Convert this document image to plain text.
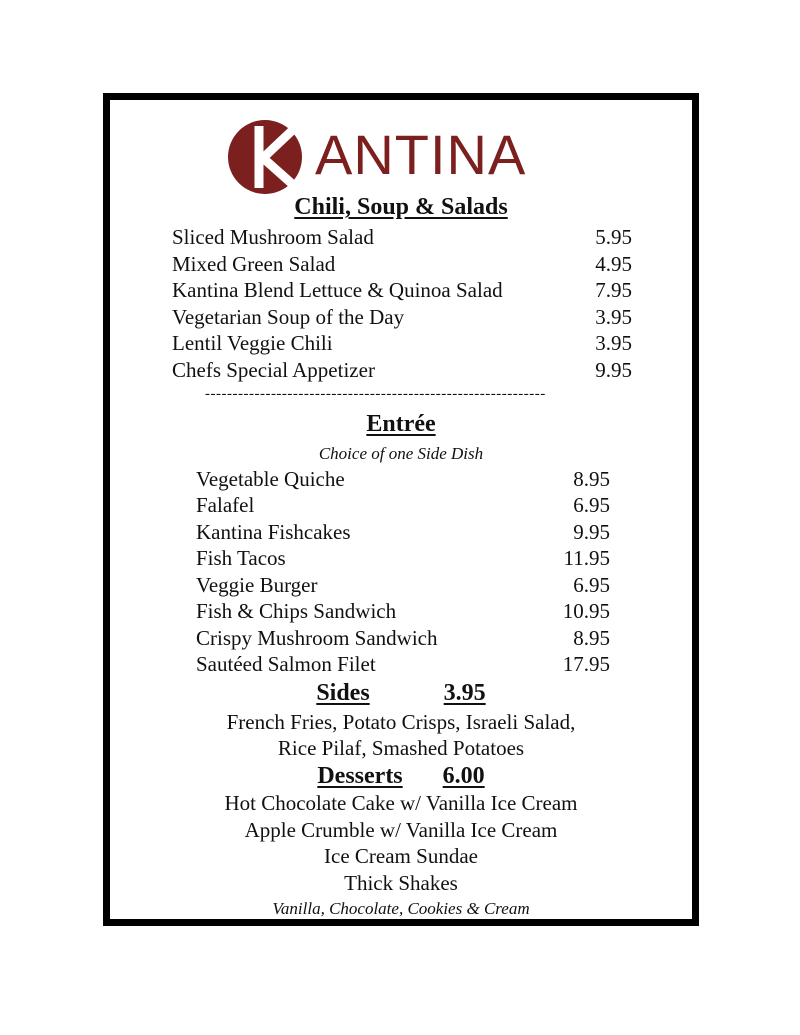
ANTINA
Chili, Soup & Salads
Sliced Mushroom Salad	5.95
Mixed Green Salad	4.95
Kantina Blend Lettuce & Quinoa Salad	7.95
Vegetarian Soup of the Day	3.95
Lentil Veggie Chili	3.95
Chefs Special Appetizer	9.95
--------------------------------------------------------------
Entrée
Choice of one Side Dish
Vegetable Quiche	8.95
Falafel	6.95
Kantina Fishcakes	9.95
Fish Tacos	11.95
Veggie Burger	6.95
Fish & Chips Sandwich	10.95
Crispy Mushroom Sandwich	8.95
Sautéed Salmon Filet	17.95
Sides	3.95
French Fries, Potato Crisps, Israeli Salad,
Rice Pilaf, Smashed Potatoes
Desserts 6.00
Hot Chocolate Cake w/ Vanilla Ice Cream
Apple Crumble w/ Vanilla Ice Cream
Ice Cream Sundae
Thick Shakes
Vanilla, Chocolate, Cookies & Cream
